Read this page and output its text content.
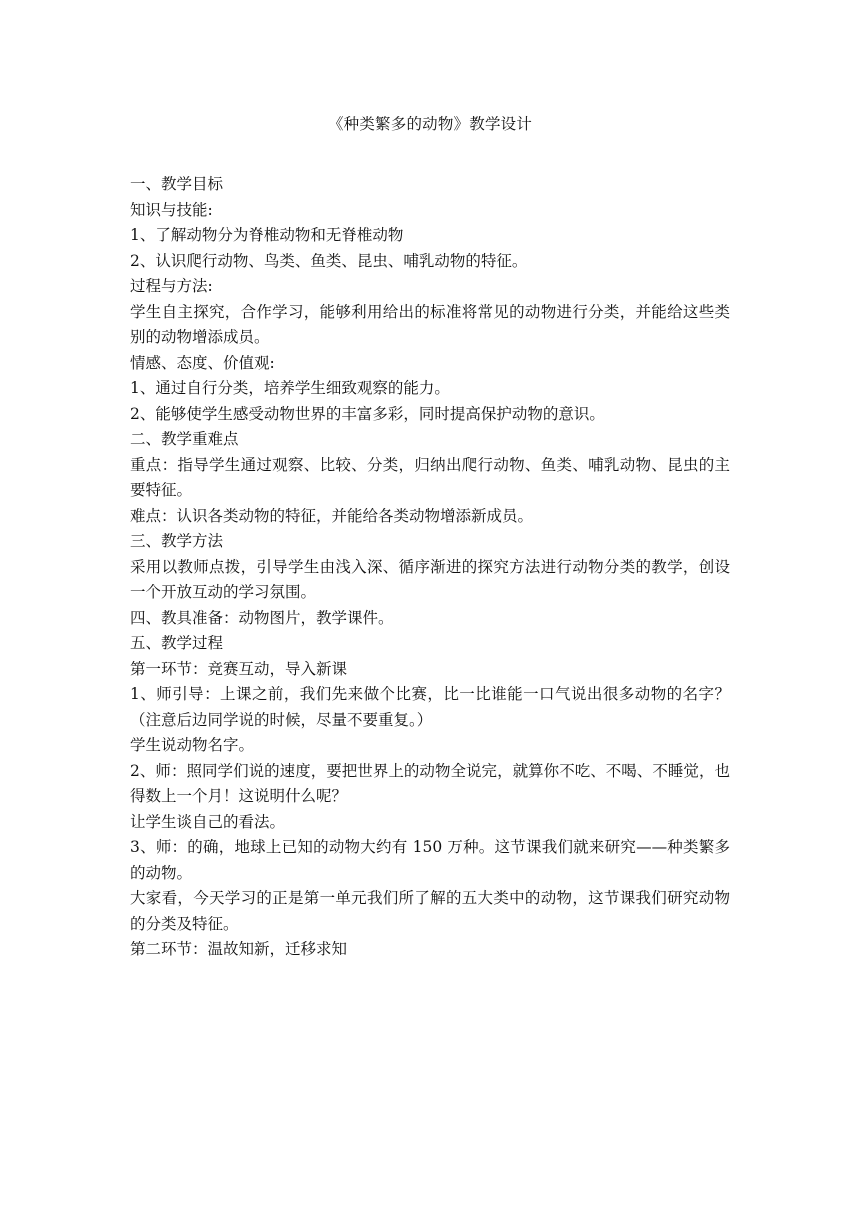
《种类繁多的动物》教学设计

一、教学目标

知识与技能:

1、了解动物分为脊椎动物和无脊椎动物

2、认识爬行动物、鸟类、鱼类、昆虫、哺乳动物的特征。

过程与方法:

学生自主探究，合作学习，能够利用给出的标准将常见的动物进行分类，并能给这些类别的动物增添成员。

情感、态度、价值观:

1、通过自行分类，培养学生细致观察的能力。

2、能够使学生感受动物世界的丰富多彩，同时提高保护动物的意识。

二、教学重难点

重点：指导学生通过观察、比较、分类，归纳出爬行动物、鱼类、哺乳动物、昆虫的主要特征。

难点：认识各类动物的特征，并能给各类动物增添新成员。

三、教学方法

采用以教师点拨，引导学生由浅入深、循序渐进的探究方法进行动物分类的教学，创设一个开放互动的学习氛围。

四、教具准备：动物图片，教学课件。

五、教学过程

第一环节：竞赛互动，导入新课

1、师引导：上课之前，我们先来做个比赛，比一比谁能一口气说出很多动物的名字？（注意后边同学说的时候，尽量不要重复。）

学生说动物名字。

2、师：照同学们说的速度，要把世界上的动物全说完，就算你不吃、不喝、不睡觉，也得数上一个月！这说明什么呢？

让学生谈自己的看法。

3、师：的确，地球上已知的动物大约有 150 万种。这节课我们就来研究——种类繁多的动物。

大家看，今天学习的正是第一单元我们所了解的五大类中的动物，这节课我们研究动物的分类及特征。

第二环节：温故知新，迁移求知
